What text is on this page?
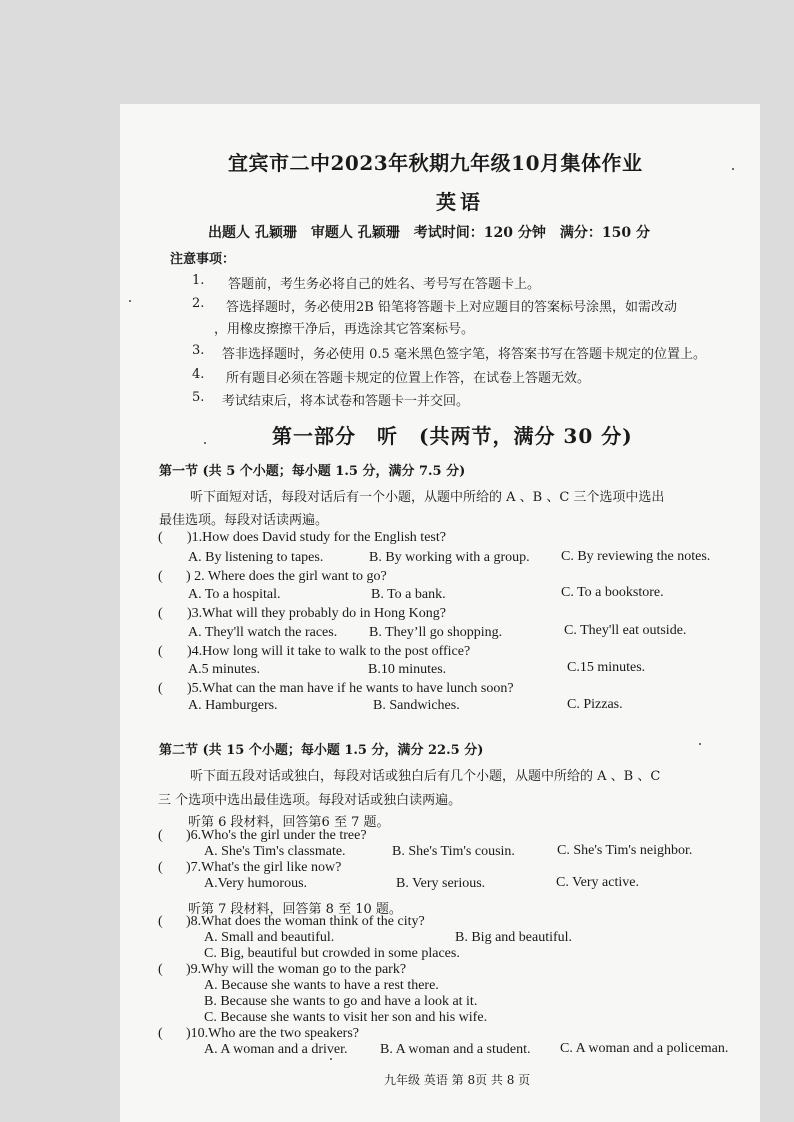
宜宾市二中2023年秋期九年级10月集体作业
英语
出题人 孔颖珊　审题人 孔颖珊　考试时间：120 分钟　满分：150 分
注意事项：
1. 答题前，考生务必将自己的姓名、考号写在答题卡上。
2. 答选择题时，务必使用2B 铅笔将答题卡上对应题目的答案标号涂黑，如需改动
，用橡皮擦擦干净后，再选涂其它答案标号。
3. 答非选择题时，务必使用 0.5 毫米黑色签字笔，将答案书写在答题卡规定的位置上。
4. 所有题目必须在答题卡规定的位置上作答，在试卷上答题无效。
5. 考试结束后，将本试卷和答题卡一并交回。
第一部分　听　(共两节，满分 30 分)
第一节 (共 5 个小题；每小题 1.5 分，满分 7.5 分)
听下面短对话，每段对话后有一个小题，从题中所给的 A 、B 、C 三个选项中选出
最佳选项。每段对话读两遍。
( )1.How does David study for the English test?
A. By listening to tapes.	B. By working with a group. C. By reviewing the notes.
( ) 2. Where does the girl want to go?
A. To a hospital.	B. To a bank.	C. To a bookstore.
( )3.What will they probably do in Hong Kong?
A. They'll watch the races. B. They’ll go shopping.	C. They'll eat outside.
( )4.How long will it take to walk to the post office?
A.5 minutes.	B.10 minutes.	C.15 minutes.
( )5.What can the man have if he wants to have lunch soon?
A. Hamburgers.	B. Sandwiches.	C. Pizzas.
第二节 (共 15 个小题；每小题 1.5 分，满分 22.5 分)
听下面五段对话或独白，每段对话或独白后有几个小题，从题中所给的 A 、B 、C
三 个选项中选出最佳选项。每段对话或独白读两遍。
听第 6 段材料，回答第6 至 7 题。
( )6.Who's the girl under the tree?
A. She's Tim's classmate.	B. She's Tim's cousin.	C. She's Tim's neighbor.
( )7.What's the girl like now?
A.Very humorous.	B. Very serious.	C. Very active.
听第 7 段材料，回答第 8 至 10 题。
( )8.What does the woman think of the city?
A. Small and beautiful.	B. Big and beautiful.
C. Big, beautiful but crowded in some places.
( )9.Why will the woman go to the park?
A. Because she wants to have a rest there.
B. Because she wants to go and have a look at it.
C. Because she wants to visit her son and his wife.
( )10.Who are the two speakers?
A. A woman and a driver. B. A woman and a student. C. A woman and a policeman.
九年级 英语 第 8页 共 8 页
